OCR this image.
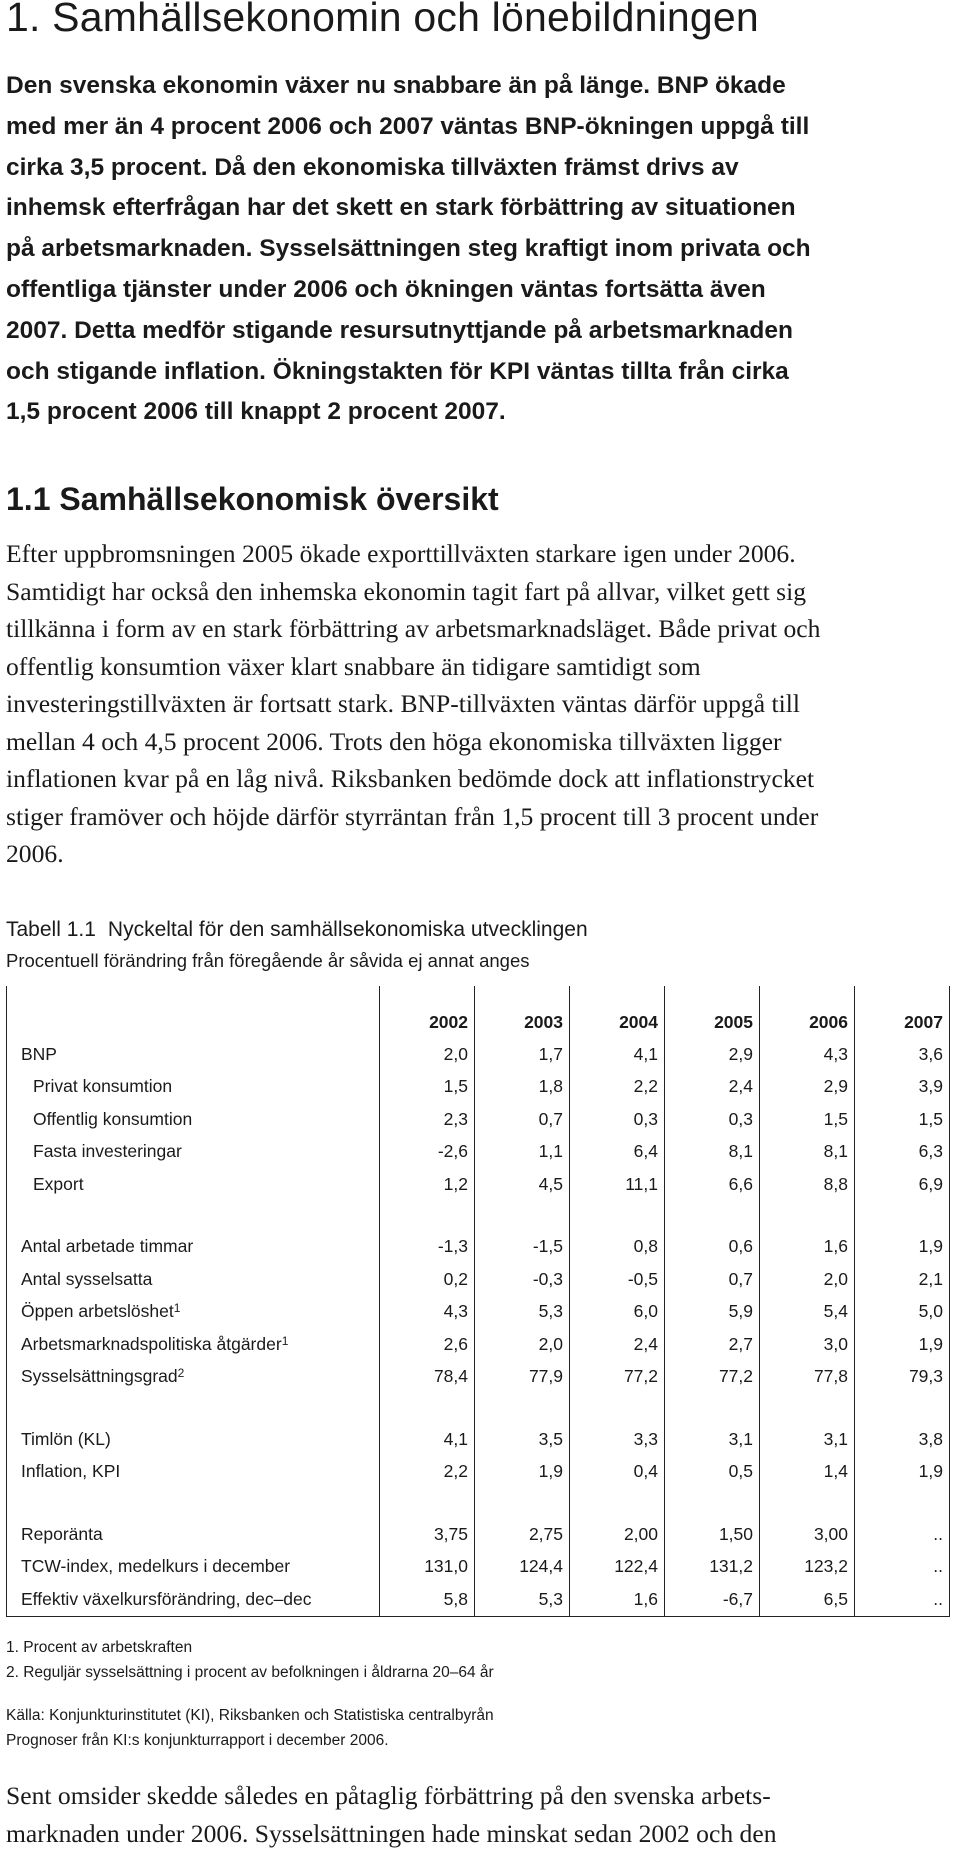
1. Samhällsekonomin och lönebildningen

Den svenska ekonomin växer nu snabbare än på länge. BNP ökade
med mer än 4 procent 2006 och 2007 väntas BNP-ökningen uppgå till
cirka 3,5 procent. Då den ekonomiska tillväxten främst drivs av
inhemsk efterfrågan har det skett en stark förbättring av situationen
på arbetsmarknaden. Sysselsättningen steg kraftigt inom privata och
offentliga tjänster under 2006 och ökningen väntas fortsätta även
2007. Detta medför stigande resursutnyttjande på arbetsmarknaden
och stigande inflation. Ökningstakten för KPI väntas tillta från cirka
1,5 procent 2006 till knappt 2 procent 2007.

1.1 Samhällsekonomisk översikt

Efter uppbromsningen 2005 ökade exporttillväxten starkare igen under 2006.
Samtidigt har också den inhemska ekonomin tagit fart på allvar, vilket gett sig
tillkänna i form av en stark förbättring av arbetsmarknadsläget. Både privat och
offentlig konsumtion växer klart snabbare än tidigare samtidigt som
investeringstillväxten är fortsatt stark. BNP-tillväxten väntas därför uppgå till
mellan 4 och 4,5 procent 2006. Trots den höga ekonomiska tillväxten ligger
inflationen kvar på en låg nivå. Riksbanken bedömde dock att inflationstrycket
stiger framöver och höjde därför styrräntan från 1,5 procent till 3 procent under
2006.

Tabell 1.1 Nyckeltal för den samhällsekonomiska utvecklingen
Procentuell förändring från föregående år såvida ej annat anges

	2002	2003	2004	2005	2006	2007
BNP	2,0	1,7	4,1	2,9	4,3	3,6
Privat konsumtion	1,5	1,8	2,2	2,4	2,9	3,9
Offentlig konsumtion	2,3	0,7	0,3	0,3	1,5	1,5
Fasta investeringar	-2,6	1,1	6,4	8,1	8,1	6,3
Export	1,2	4,5	11,1	6,6	8,8	6,9

Antal arbetade timmar	-1,3	-1,5	0,8	0,6	1,6	1,9
Antal sysselsatta	0,2	-0,3	-0,5	0,7	2,0	2,1
Öppen arbetslöshet$^1$	4,3	5,3	6,0	5,9	5,4	5,0
Arbetsmarknadspolitiska åtgärder$^1$	2,6	2,0	2,4	2,7	3,0	1,9
Sysselsättningsgrad$^2$	78,4	77,9	77,2	77,2	77,8	79,3

Timlön (KL)	4,1	3,5	3,3	3,1	3,1	3,8
Inflation, KPI	2,2	1,9	0,4	0,5	1,4	1,9

Reporänta	3,75	2,75	2,00	1,50	3,00	..
TCW-index, medelkurs i december	131,0	124,4	122,4	131,2	123,2	..
Effektiv växelkursförändring, dec–dec	5,8	5,3	1,6	-6,7	6,5	..
1. Procent av arbetskraften
2. Reguljär sysselsättning i procent av befolkningen i åldrarna 20–64 år
Källa: Konjunkturinstitutet (KI), Riksbanken och Statistiska centralbyrån
Prognoser från KI:s konjunkturrapport i december 2006.
Sent omsider skedde således en påtaglig förbättring på den svenska arbets-
marknaden under 2006. Sysselsättningen hade minskat sedan 2002 och den
